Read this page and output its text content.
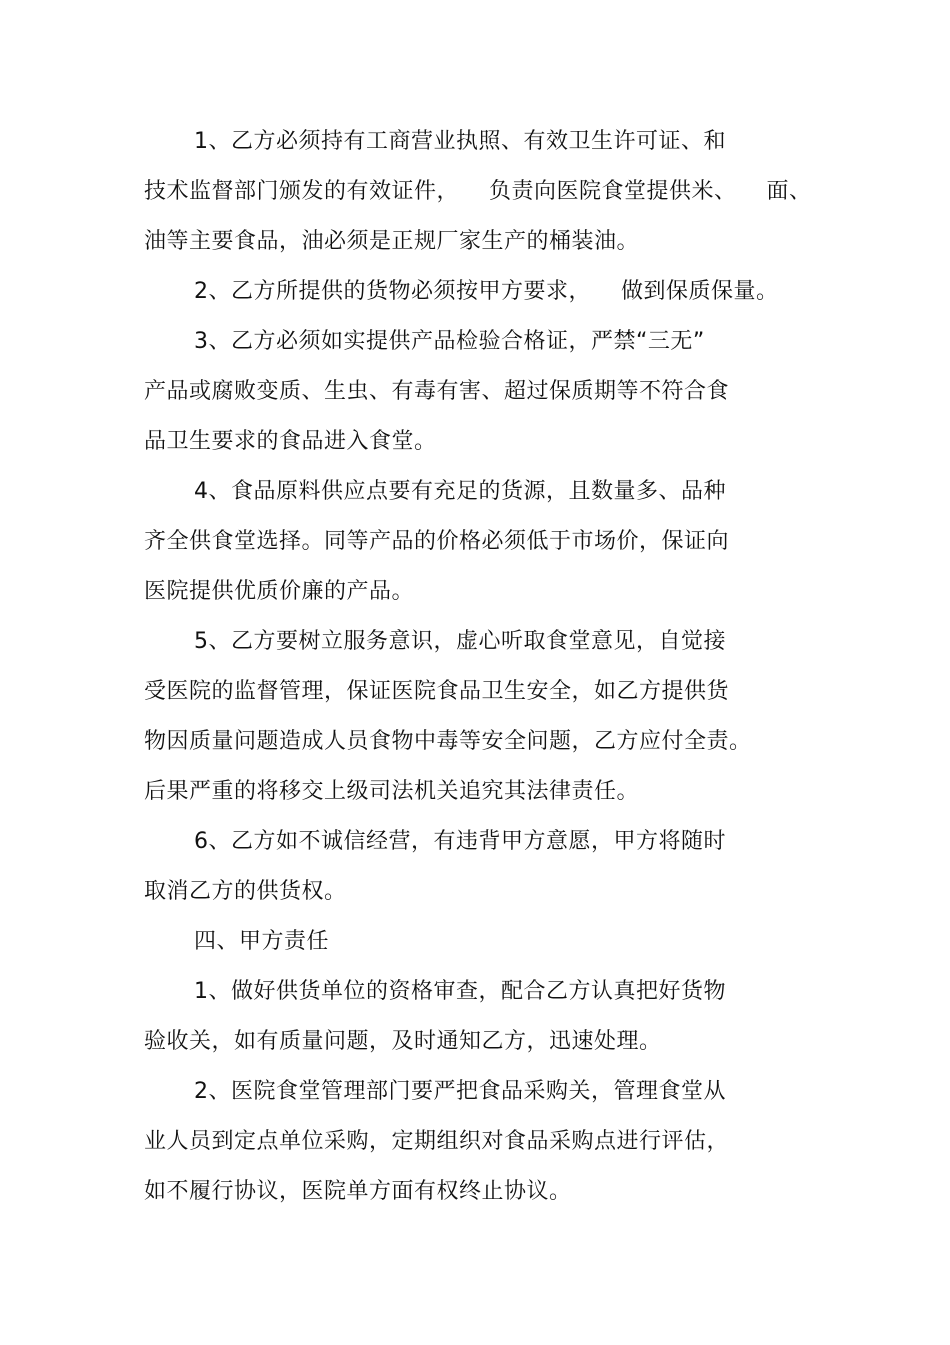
1、乙方必须持有工商营业执照、有效卫生许可证、和
技术监督部门颁发的有效证件，    负责向医院食堂提供米、    面、
油等主要食品，油必须是正规厂家生产的桶装油。
2、乙方所提供的货物必须按甲方要求，    做到保质保量。
3、乙方必须如实提供产品检验合格证，严禁“三无”
产品或腐败变质、生虫、有毒有害、超过保质期等不符合食
品卫生要求的食品进入食堂。
4、食品原料供应点要有充足的货源，且数量多、品种
齐全供食堂选择。同等产品的价格必须低于市场价，保证向
医院提供优质价廉的产品。
5、乙方要树立服务意识，虚心听取食堂意见，自觉接
受医院的监督管理，保证医院食品卫生安全，如乙方提供货
物因质量问题造成人员食物中毒等安全问题，乙方应付全责。
后果严重的将移交上级司法机关追究其法律责任。
6、乙方如不诚信经营，有违背甲方意愿，甲方将随时
取消乙方的供货权。
四、甲方责任
1、做好供货单位的资格审查，配合乙方认真把好货物
验收关，如有质量问题，及时通知乙方，迅速处理。
2、医院食堂管理部门要严把食品采购关，管理食堂从
业人员到定点单位采购，定期组织对食品采购点进行评估，
如不履行协议，医院单方面有权终止协议。
